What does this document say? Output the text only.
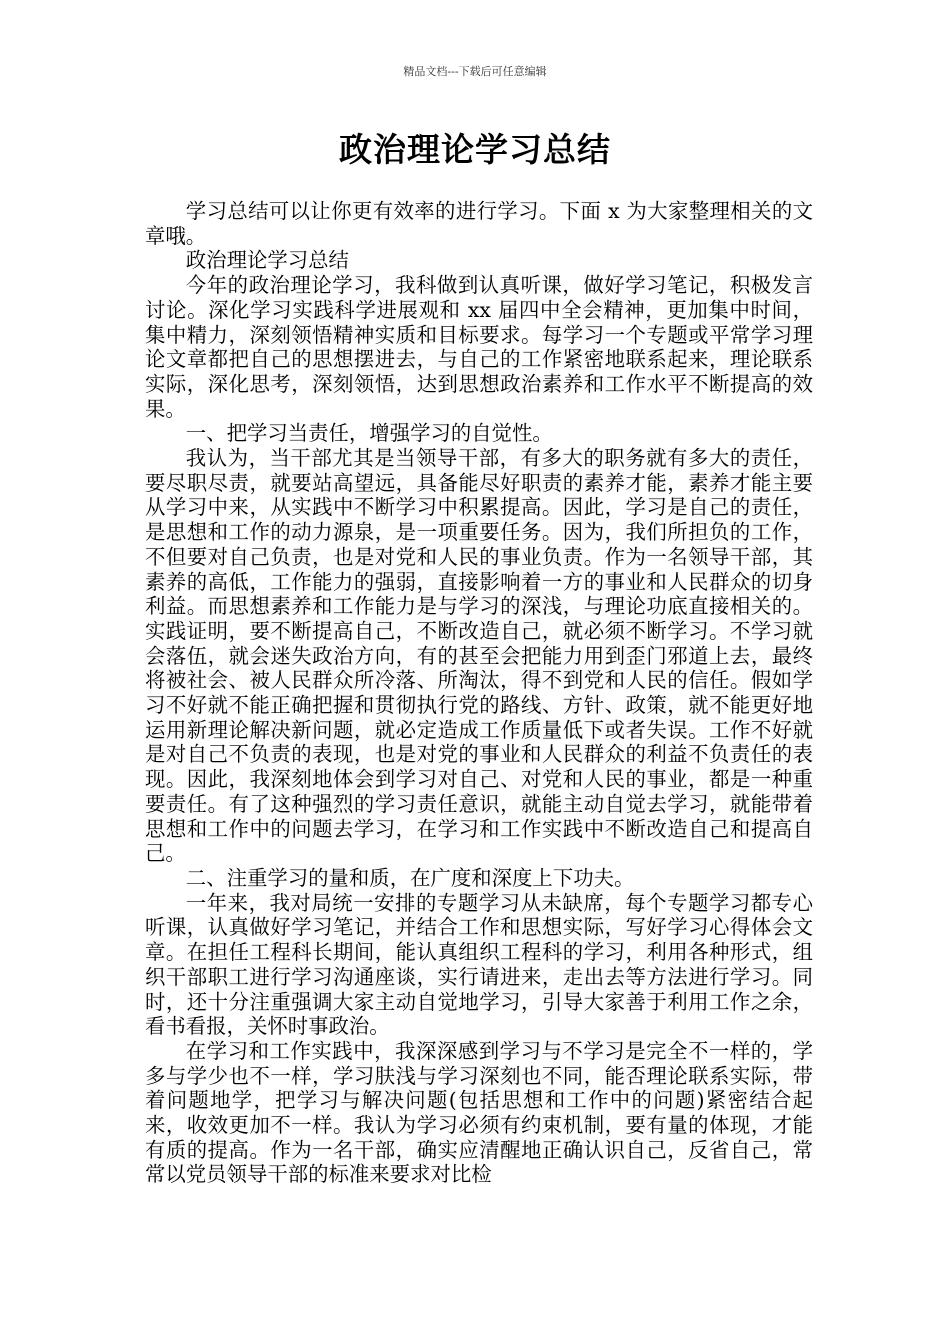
精品文档---下载后可任意编辑
政治理论学习总结

学习总结可以让你更有效率的进行学习。下面 x 为大家整理相关的文章哦。

政治理论学习总结

今年的政治理论学习，我科做到认真听课，做好学习笔记，积极发言讨论。深化学习实践科学进展观和 xx 届四中全会精神，更加集中时间，集中精力，深刻领悟精神实质和目标要求。每学习一个专题或平常学习理论文章都把自己的思想摆进去，与自己的工作紧密地联系起来，理论联系实际，深化思考，深刻领悟，达到思想政治素养和工作水平不断提高的效果。

一、把学习当责任，增强学习的自觉性。

我认为，当干部尤其是当领导干部，有多大的职务就有多大的责任，要尽职尽责，就要站高望远，具备能尽好职责的素养才能，素养才能主要从学习中来，从实践中不断学习中积累提高。因此，学习是自己的责任，是思想和工作的动力源泉，是一项重要任务。因为，我们所担负的工作，不但要对自己负责，也是对党和人民的事业负责。作为一名领导干部，其素养的高低，工作能力的强弱，直接影响着一方的事业和人民群众的切身利益。而思想素养和工作能力是与学习的深浅，与理论功底直接相关的。实践证明，要不断提高自己，不断改造自己，就必须不断学习。不学习就会落伍，就会迷失政治方向，有的甚至会把能力用到歪门邪道上去，最终将被社会、被人民群众所冷落、所淘汰，得不到党和人民的信任。假如学习不好就不能正确把握和贯彻执行党的路线、方针、政策，就不能更好地运用新理论解决新问题，就必定造成工作质量低下或者失误。工作不好就是对自己不负责的表现，也是对党的事业和人民群众的利益不负责任的表现。因此，我深刻地体会到学习对自己、对党和人民的事业，都是一种重要责任。有了这种强烈的学习责任意识，就能主动自觉去学习，就能带着思想和工作中的问题去学习，在学习和工作实践中不断改造自己和提高自己。

二、注重学习的量和质，在广度和深度上下功夫。

一年来，我对局统一安排的专题学习从未缺席，每个专题学习都专心听课，认真做好学习笔记，并结合工作和思想实际，写好学习心得体会文章。在担任工程科长期间，能认真组织工程科的学习，利用各种形式，组织干部职工进行学习沟通座谈，实行请进来，走出去等方法进行学习。同时，还十分注重强调大家主动自觉地学习，引导大家善于利用工作之余，看书看报，关怀时事政治。

在学习和工作实践中，我深深感到学习与不学习是完全不一样的，学多与学少也不一样，学习肤浅与学习深刻也不同，能否理论联系实际，带着问题地学，把学习与解决问题(包括思想和工作中的问题)紧密结合起来，收效更加不一样。我认为学习必须有约束机制，要有量的体现，才能有质的提高。作为一名干部，确实应清醒地正确认识自己，反省自己，常常以党员领导干部的标准来要求对比检
